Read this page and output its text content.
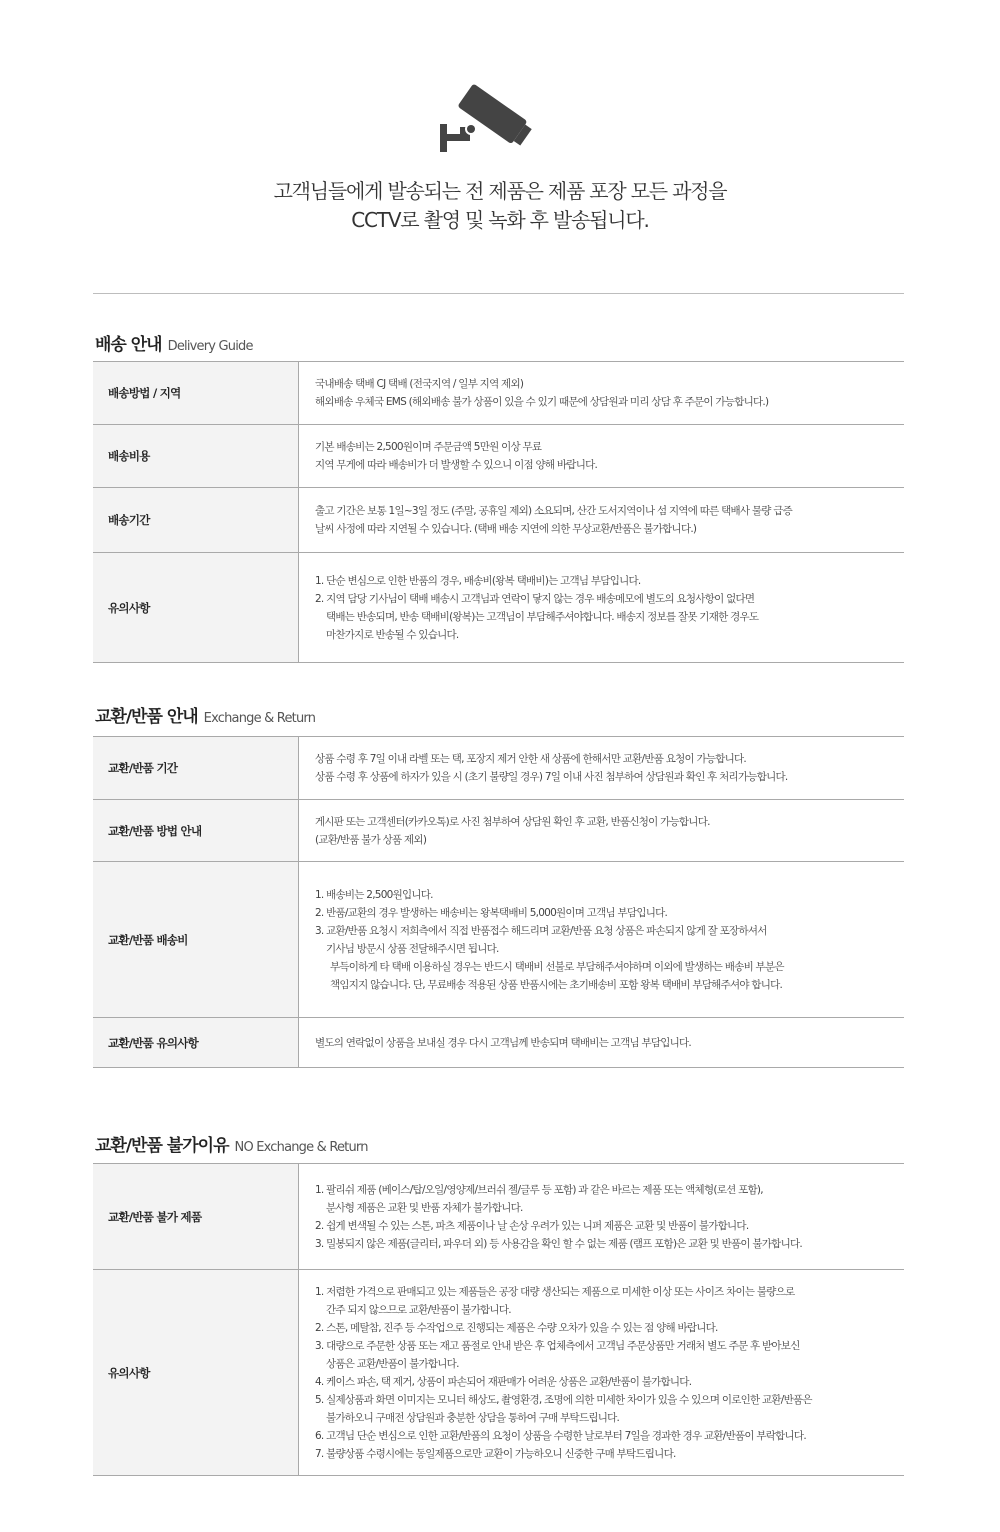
고객님들에게 발송되는 전 제품은 제품 포장 모든 과정을
CCTV로 촬영 및 녹화 후 발송됩니다.
배송 안내 Delivery Guide
배송방법 / 지역
국내배송 택배 CJ 택배 (전국지역 / 일부 지역 제외)
해외배송 우체국 EMS (해외배송 불가 상품이 있을 수 있기 때문에 상담원과 미리 상담 후 주문이 가능합니다.)
배송비용
기본 배송비는 2,500원이며 주문금액 5만원 이상 무료
지역 무게에 따라 배송비가 더 발생할 수 있으니 이점 양해 바랍니다.
배송기간
출고 기간은 보통 1일~3일 정도 (주말, 공휴일 제외) 소요되며, 산간 도서지역이나 섬 지역에 따른 택배사 물량 급증
날씨 사정에 따라 지연될 수 있습니다. (택배 배송 지연에 의한 무상교환/반품은 불가합니다.)
유의사항
1. 단순 변심으로 인한 반품의 경우, 배송비(왕복 택배비)는 고객님 부담입니다.
2. 지역 담당 기사님이 택배 배송시 고객님과 연락이 닿지 않는 경우 배송메모에 별도의 요청사항이 없다면
택배는 반송되며, 반송 택배비(왕복)는 고객님이 부담해주셔야합니다. 배송지 정보를 잘못 기재한 경우도
마찬가지로 반송될 수 있습니다.
교환/반품 안내 Exchange & Return
교환/반품 기간
상품 수령 후 7일 이내 라벨 또는 택, 포장지 제거 안한 새 상품에 한해서만 교환/반품 요청이 가능합니다.
상품 수령 후 상품에 하자가 있을 시 (초기 불량일 경우) 7일 이내 사진 첨부하여 상담원과 확인 후 처리가능합니다.
교환/반품 방법 안내
게시판 또는 고객센터(카카오톡)로 사진 첨부하여 상담원 확인 후 교환, 반품신청이 가능합니다.
(교환/반품 불가 상품 제외)
교환/반품 배송비
1. 배송비는 2,500원입니다.
2. 반품/교환의 경우 발생하는 배송비는 왕복택배비 5,000원이며 고객님 부담입니다.
3. 교환/반품 요청시 저희측에서 직접 반품접수 해드리며 교환/반품 요청 상품은 파손되지 않게 잘 포장하셔서
기사님 방문시 상품 전달해주시면 됩니다.
부득이하게 타 택배 이용하실 경우는 반드시 택배비 선불로 부담해주셔야하며 이외에 발생하는 배송비 부분은
책임지지 않습니다. 단, 무료배송 적용된 상품 반품시에는 초기배송비 포함 왕복 택배비 부담해주셔야 합니다.
교환/반품 유의사항	별도의 연락없이 상품을 보내실 경우 다시 고객님께 반송되며 택배비는 고객님 부담입니다.
교환/반품 불가이유 NO Exchange & Return
교환/반품 불가 제품
1. 팔리쉬 제품 (베이스/탑/오일/영양제/브러쉬 젤/글루 등 포함) 과 같은 바르는 제품 또는 액체형(로션 포함),
분사형 제품은 교환 및 반품 자체가 불가합니다.
2. 쉽게 변색될 수 있는 스톤, 파츠 제품이나 날 손상 우려가 있는 니퍼 제품은 교환 및 반품이 불가합니다.
3. 밀봉되지 않은 제품(글리터, 파우더 외) 등 사용감을 확인 할 수 없는 제품 (램프 포함)은 교환 및 반품이 불가합니다.
유의사항
1. 저렴한 가격으로 판매되고 있는 제품들은 공장 대량 생산되는 제품으로 미세한 이상 또는 사이즈 차이는 불량으로
간주 되지 않으므로 교환/반품이 불가합니다.
2. 스톤, 메탈참, 진주 등 수작업으로 진행되는 제품은 수량 오차가 있을 수 있는 점 양해 바랍니다.
3. 대량으로 주문한 상품 또는 재고 품절로 안내 받은 후 업체측에서 고객님 주문상품만 거래처 별도 주문 후 받아보신
상품은 교환/반품이 불가합니다.
4. 케이스 파손, 택 제거, 상품이 파손되어 재판매가 어려운 상품은 교환/반품이 불가합니다.
5. 실제상품과 화면 이미지는 모니터 해상도, 촬영환경, 조명에 의한 미세한 차이가 있을 수 있으며 이로인한 교환/반품은
불가하오니 구매전 상담원과 충분한 상담을 통하여 구매 부탁드립니다.
6. 고객님 단순 변심으로 인한 교환/반품의 요청이 상품을 수령한 날로부터 7일을 경과한 경우 교환/반품이 부락합니다.
7. 불량상품 수령시에는 동일제품으로만 교환이 가능하오니 신중한 구매 부탁드립니다.
